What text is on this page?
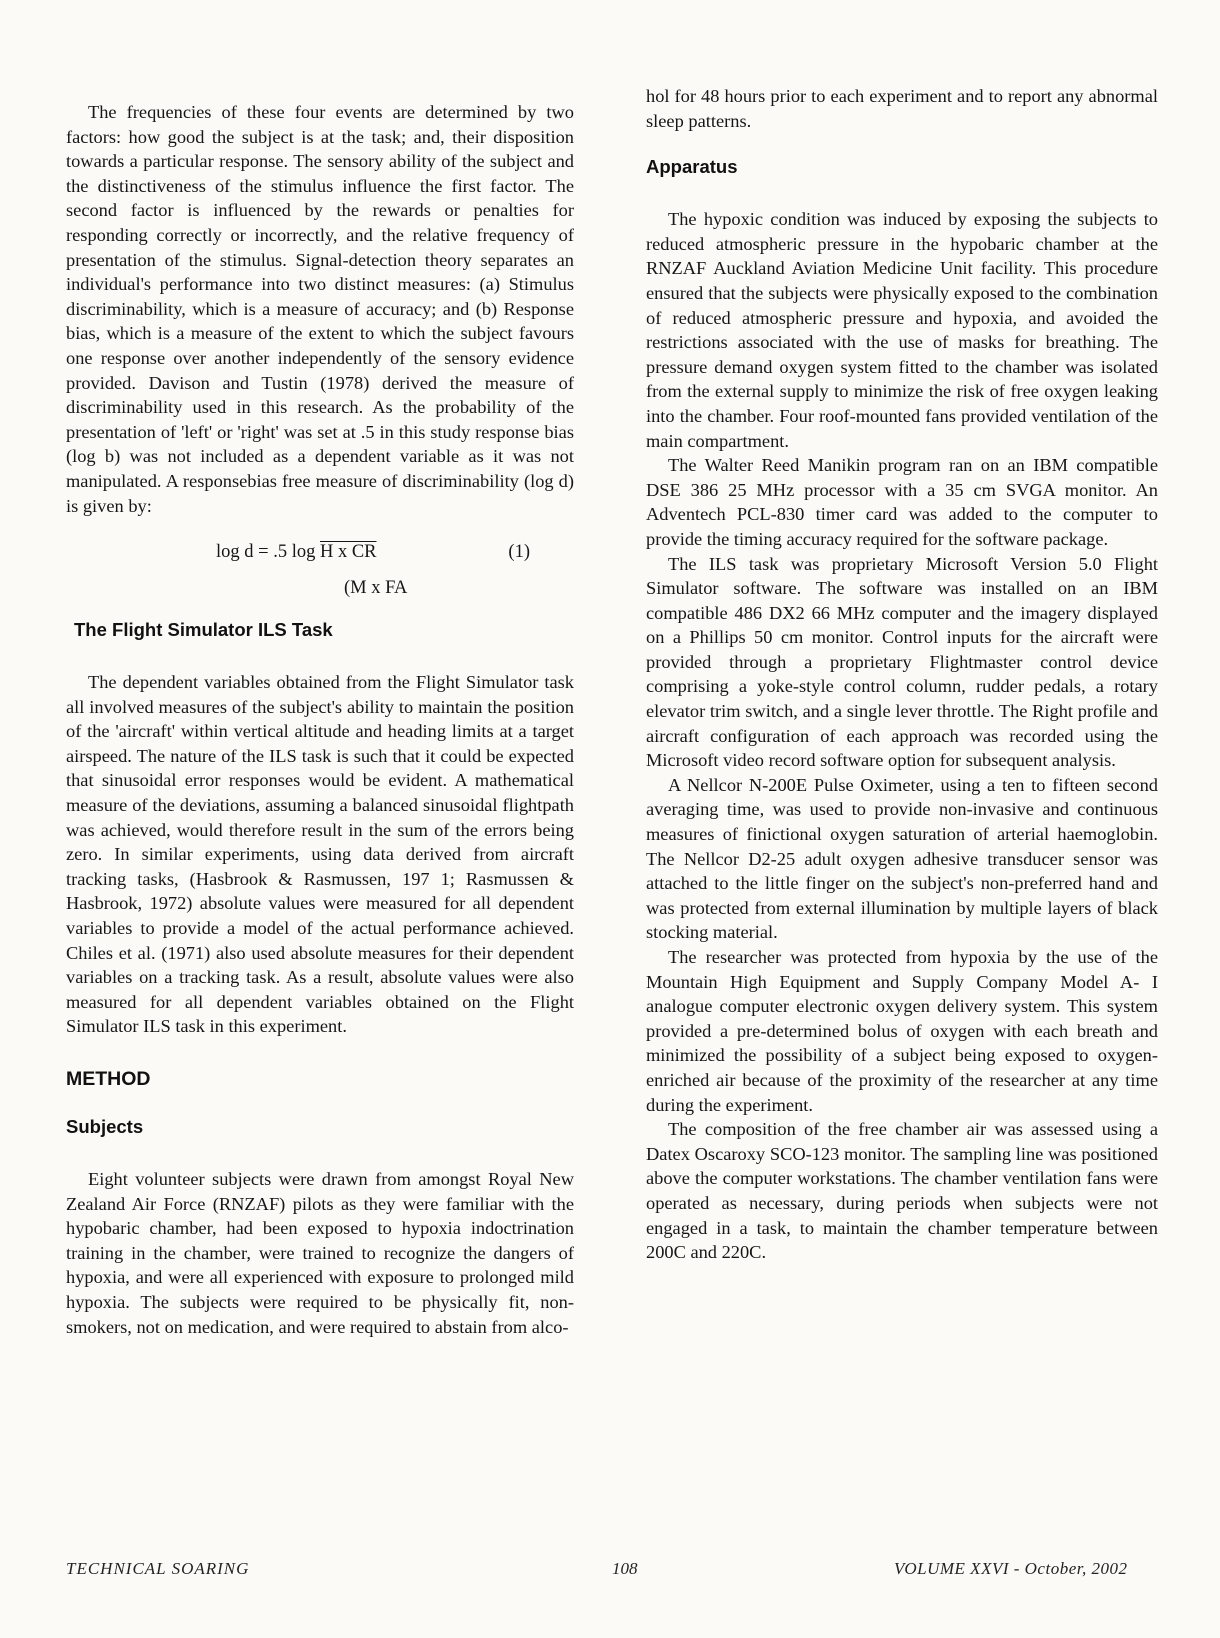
The frequencies of these four events are determined by two factors: how good the subject is at the task; and, their disposition towards a particular response. The sensory ability of the subject and the distinctiveness of the stimulus influence the first factor. The second factor is influenced by the rewards or penalties for responding correctly or incorrectly, and the relative frequency of presentation of the stimulus. Signal-detection theory separates an individual's performance into two distinct measures: (a) Stimulus discriminability, which is a measure of accuracy; and (b) Response bias, which is a measure of the extent to which the subject favours one response over another independently of the sensory evidence provided. Davison and Tustin (1978) derived the measure of discriminability used in this research. As the probability of the presentation of 'left' or 'right' was set at .5 in this study response bias (log b) was not included as a dependent variable as it was not manipulated. A responsebias free measure of discriminability (log d) is given by:

log d = .5 log H x CR	(1)
(M x FA
The Flight Simulator ILS Task

The dependent variables obtained from the Flight Simulator task all involved measures of the subject's ability to maintain the position of the 'aircraft' within vertical altitude and heading limits at a target airspeed. The nature of the ILS task is such that it could be expected that sinusoidal error responses would be evident. A mathematical measure of the deviations, assuming a balanced sinusoidal flightpath was achieved, would therefore result in the sum of the errors being zero. In similar experiments, using data derived from aircraft tracking tasks, (Hasbrook & Rasmussen, 197 1; Rasmussen & Hasbrook, 1972) absolute values were measured for all dependent variables to provide a model of the actual performance achieved. Chiles et al. (1971) also used absolute measures for their dependent variables on a tracking task. As a result, absolute values were also measured for all dependent variables obtained on the Flight Simulator ILS task in this experiment.

METHOD
Subjects

Eight volunteer subjects were drawn from amongst Royal New Zealand Air Force (RNZAF) pilots as they were familiar with the hypobaric chamber, had been exposed to hypoxia indoctrination training in the chamber, were trained to recognize the dangers of hypoxia, and were all experienced with exposure to prolonged mild hypoxia. The subjects were required to be physically fit, non- smokers, not on medication, and were required to abstain from alco-

hol for 48 hours prior to each experiment and to report any abnormal sleep patterns.

Apparatus

The hypoxic condition was induced by exposing the subjects to reduced atmospheric pressure in the hypobaric chamber at the RNZAF Auckland Aviation Medicine Unit facility. This procedure ensured that the subjects were physically exposed to the combination of reduced atmospheric pressure and hypoxia, and avoided the restrictions associated with the use of masks for breathing. The pressure demand oxygen system fitted to the chamber was isolated from the external supply to minimize the risk of free oxygen leaking into the chamber. Four roof-mounted fans provided ventilation of the main compartment.

The Walter Reed Manikin program ran on an IBM compatible DSE 386 25 MHz processor with a 35 cm SVGA monitor. An Adventech PCL-830 timer card was added to the computer to provide the timing accuracy required for the software package.

The ILS task was proprietary Microsoft Version 5.0 Flight Simulator software. The software was installed on an IBM compatible 486 DX2 66 MHz computer and the imagery displayed on a Phillips 50 cm monitor. Control inputs for the aircraft were provided through a proprietary Flightmaster control device comprising a yoke-style control column, rudder pedals, a rotary elevator trim switch, and a single lever throttle. The Right profile and aircraft configuration of each approach was recorded using the Microsoft video record software option for subsequent analysis.

A Nellcor N-200E Pulse Oximeter, using a ten to fifteen second averaging time, was used to provide non-invasive and continuous measures of finictional oxygen saturation of arterial haemoglobin. The Nellcor D2-25 adult oxygen adhesive transducer sensor was attached to the little finger on the subject's non-preferred hand and was protected from external illumination by multiple layers of black stocking material.

The researcher was protected from hypoxia by the use of the Mountain High Equipment and Supply Company Model A- I analogue computer electronic oxygen delivery system. This system provided a pre-determined bolus of oxygen with each breath and minimized the possibility of a subject being exposed to oxygen-enriched air because of the proximity of the researcher at any time during the experiment.

The composition of the free chamber air was assessed using a Datex Oscaroxy SCO-123 monitor. The sampling line was positioned above the computer workstations. The chamber ventilation fans were operated as necessary, during periods when subjects were not engaged in a task, to maintain the chamber temperature between 200C and 220C.

TECHNICAL SOARING	108	VOLUME XXVI - October, 2002
